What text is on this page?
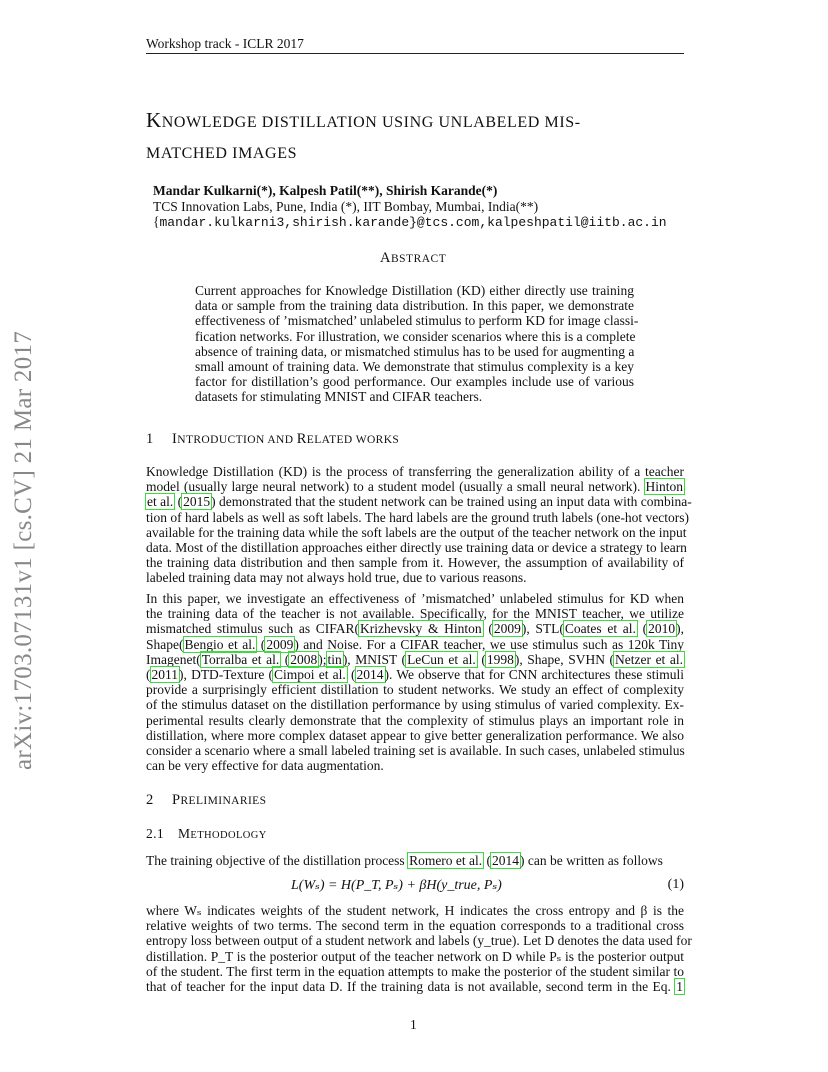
Workshop track - ICLR 2017
KNOWLEDGE DISTILLATION USING UNLABELED MIS-
MATCHED IMAGES
Mandar Kulkarni(*), Kalpesh Patil(**), Shirish Karande(*)
TCS Innovation Labs, Pune, India (*), IIT Bombay, Mumbai, India(**)
{mandar.kulkarni3,shirish.karande}@tcs.com,kalpeshpatil@iitb.ac.in
ABSTRACT
Current approaches for Knowledge Distillation (KD) either directly use training
data or sample from the training data distribution. In this paper, we demonstrate
effectiveness of ’mismatched’ unlabeled stimulus to perform KD for image classi-
fication networks. For illustration, we consider scenarios where this is a complete
absence of training data, or mismatched stimulus has to be used for augmenting a
small amount of training data. We demonstrate that stimulus complexity is a key
factor for distillation’s good performance. Our examples include use of various
datasets for stimulating MNIST and CIFAR teachers.
1 INTRODUCTION AND RELATED WORKS
Knowledge Distillation (KD) is the process of transferring the generalization ability of a teacher
model (usually large neural network) to a student model (usually a small neural network). Hinton
et al. (2015) demonstrated that the student network can be trained using an input data with combina-
tion of hard labels as well as soft labels. The hard labels are the ground truth labels (one-hot vectors)
available for the training data while the soft labels are the output of the teacher network on the input
data. Most of the distillation approaches either directly use training data or device a strategy to learn
the training data distribution and then sample from it. However, the assumption of availability of
labeled training data may not always hold true, due to various reasons.
In this paper, we investigate an effectiveness of ’mismatched’ unlabeled stimulus for KD when
the training data of the teacher is not available. Specifically, for the MNIST teacher, we utilize
mismatched stimulus such as CIFAR(Krizhevsky & Hinton (2009), STL(Coates et al. (2010),
Shape(Bengio et al. (2009) and Noise. For a CIFAR teacher, we use stimulus such as 120k Tiny
Imagenet(Torralba et al. (2008);tin), MNIST (LeCun et al. (1998), Shape, SVHN (Netzer et al.
(2011), DTD-Texture (Cimpoi et al. (2014). We observe that for CNN architectures these stimuli
provide a surprisingly efficient distillation to student networks. We study an effect of complexity
of the stimulus dataset on the distillation performance by using stimulus of varied complexity. Ex-
perimental results clearly demonstrate that the complexity of stimulus plays an important role in
distillation, where more complex dataset appear to give better generalization performance. We also
consider a scenario where a small labeled training set is available. In such cases, unlabeled stimulus
can be very effective for data augmentation.
2 PRELIMINARIES
2.1 METHODOLOGY
The training objective of the distillation process Romero et al. (2014) can be written as follows
L(Wₛ) = H(P_T, Pₛ) + βH(y_true, Pₛ)	(1)
where Wₛ indicates weights of the student network, H indicates the cross entropy and β is the
relative weights of two terms. The second term in the equation corresponds to a traditional cross
entropy loss between output of a student network and labels (y_true). Let D denotes the data used for
distillation. P_T is the posterior output of the teacher network on D while Pₛ is the posterior output
of the student. The first term in the equation attempts to make the posterior of the student similar to
that of teacher for the input data D. If the training data is not available, second term in the Eq. 1
arXiv:1703.07131v1 [cs.CV] 21 Mar 2017
1
